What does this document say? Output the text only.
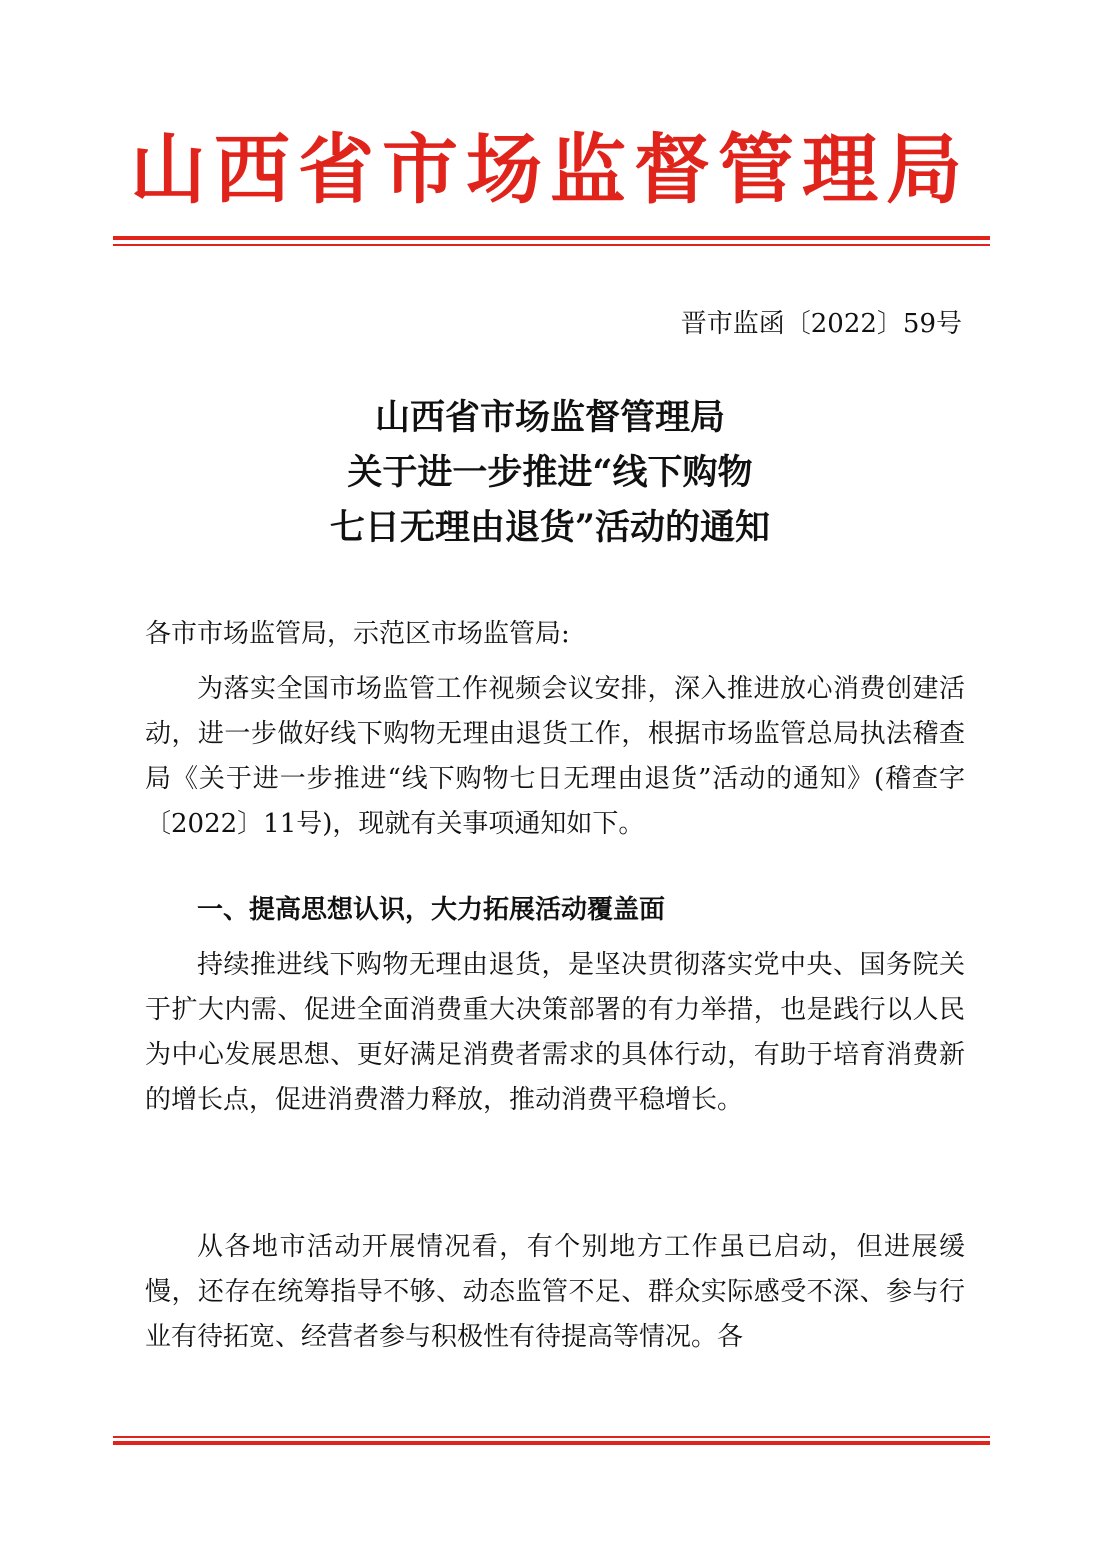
山西省市场监督管理局
晋市监函〔2022〕59号
山西省市场监督管理局
关于进一步推进“线下购物
七日无理由退货”活动的通知
各市市场监管局，示范区市场监管局:
为落实全国市场监管工作视频会议安排，深入推进放心消费创建活动，进一步做好线下购物无理由退货工作，根据市场监管总局执法稽查局《关于进一步推进“线下购物七日无理由退货”活动的通知》(稽查字〔2022〕11号)，现就有关事项通知如下。
一、提高思想认识，大力拓展活动覆盖面
持续推进线下购物无理由退货，是坚决贯彻落实党中央、国务院关于扩大内需、促进全面消费重大决策部署的有力举措，也是践行以人民为中心发展思想、更好满足消费者需求的具体行动，有助于培育消费新的增长点，促进消费潜力释放，推动消费平稳增长。
从各地市活动开展情况看，有个别地方工作虽已启动，但进展缓慢，还存在统筹指导不够、动态监管不足、群众实际感受不深、参与行业有待拓宽、经营者参与积极性有待提高等情况。各
